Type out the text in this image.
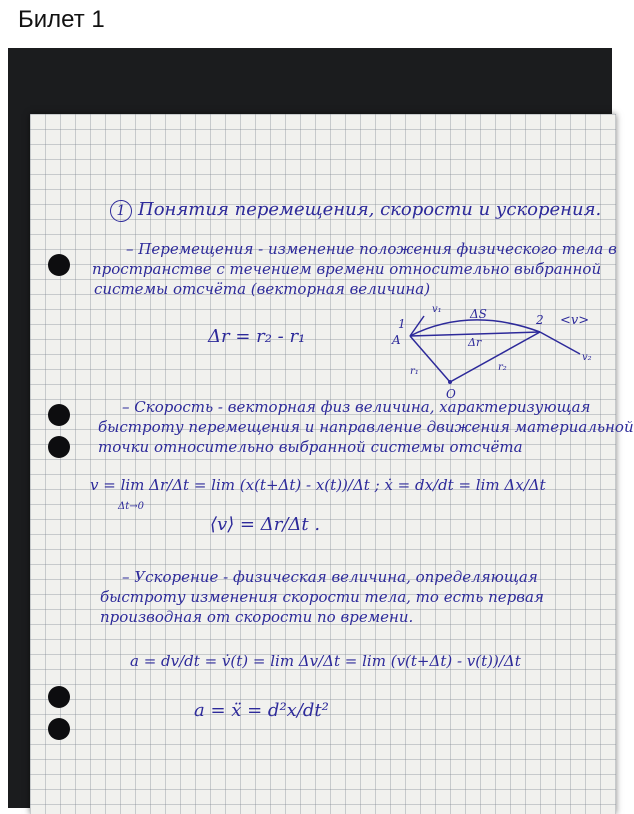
Билет 1
1 Понятия перемещения, скорости и ускорения.
– Перемещения - изменение положения физического тела в
пространстве с течением времени относительно выбранной
системы отсчёта (векторная величина)
Δr = r₂ - r₁
1
A
v₁ ΔS
Δr
2 <v>
r₁	r₂
v₂
O
– Скорость - векторная физ величина, характеризующая
быстроту перемещения и направление движения материальной
точки относительно выбранной системы отсчёта
v = lim Δr/Δt = lim (x(t+Δt) - x(t))/Δt ; ẋ = dx/dt = lim Δx/Δt
Δt→0
⟨v⟩ = Δr/Δt .
– Ускорение - физическая величина, определяющая
быстроту изменения скорости тела, то есть первая
производная от скорости по времени.
a = dv/dt = v̇(t) = lim Δv/Δt = lim (v(t+Δt) - v(t))/Δt
a = ẍ = d²x/dt²
